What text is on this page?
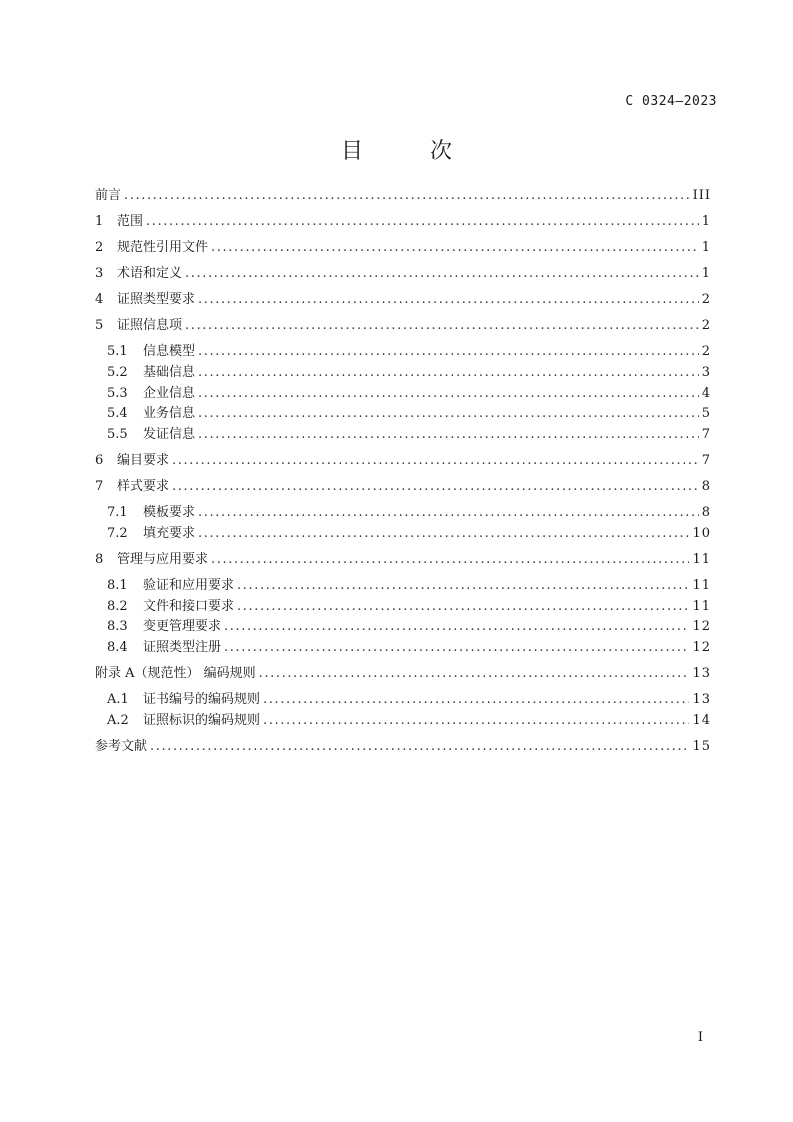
C 0324—2023
目 次
前言 .....	III
1	范围 .....	1
2	规范性引用文件 .....	1
3	术语和定义 .....	1
4	证照类型要求 .....	2
5	证照信息项 .....	2
5.1	信息模型 .....	2
5.2	基础信息 .....	3
5.3	企业信息 .....	4
5.4	业务信息 .....	5
5.5	发证信息 .....	7
6	编目要求 .....	7
7	样式要求 .....	8
7.1	模板要求 .....	8
7.2	填充要求 .....	10
8	管理与应用要求 .....	11
8.1	验证和应用要求 .....	11
8.2	文件和接口要求 .....	11
8.3	变更管理要求 .....	12
8.4	证照类型注册 .....	12
附录 A（规范性） 编码规则 .....	13
A.1	证书编号的编码规则 .....	13
A.2	证照标识的编码规则 .....	14
参考文献 .....	15
I
